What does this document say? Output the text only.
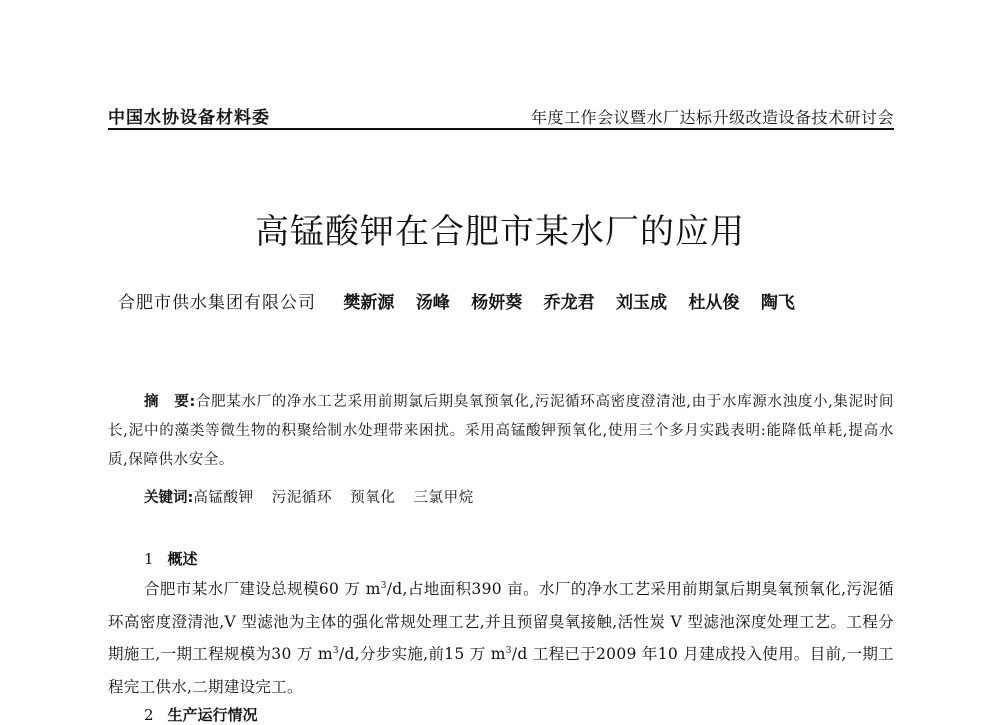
中国水协设备材料委	年度工作会议暨水厂达标升级改造设备技术研讨会
高锰酸钾在合肥市某水厂的应用
合肥市供水集团有限公司 樊新源 汤峰 杨妍葵 乔龙君 刘玉成 杜从俊 陶飞
摘　要:合肥某水厂的净水工艺采用前期氯后期臭氧预氧化,污泥循环高密度澄清池,由于水库源水浊度小,集泥时间长,泥中的藻类等微生物的积聚给制水处理带来困扰。采用高锰酸钾预氧化,使用三个多月实践表明:能降低单耗,提高水质,保障供水安全。
关键词:高锰酸钾 污泥循环 预氧化 三氯甲烷
1 概述
合肥市某水厂建设总规模60 万 $m^3/d$,占地面积390 亩。水厂的净水工艺采用前期氯后期臭氧预氧化,污泥循环高密度澄清池,V 型滤池为主体的强化常规处理工艺,并且预留臭氧接触,活性炭 V 型滤池深度处理工艺。工程分期施工,一期工程规模为30 万 $m^3/d$,分步实施,前15 万 $m^3/d$ 工程已于2009 年10 月建成投入使用。目前,一期工程完工供水,二期建设完工。
2 生产运行情况
